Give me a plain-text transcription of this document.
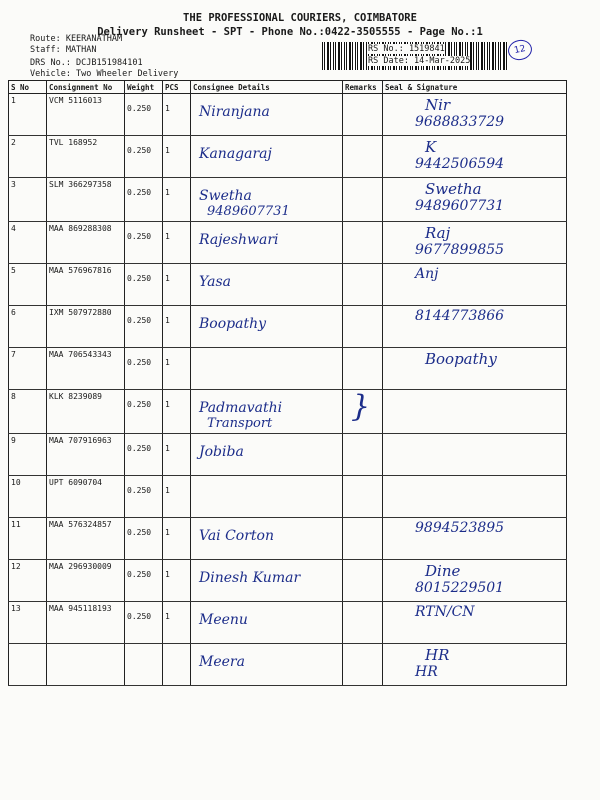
THE PROFESSIONAL COURIERS, COIMBATORE
Delivery Runsheet - SPT - Phone No.:0422-3505555 - Page No.:1
Route: KEERANATHAM
Staff: MATHAN
DRS No.: DCJB151984101
Vehicle: Two Wheeler Delivery
RS No.: 1519841
RS Date: 14-Mar-2025
12
S No	Consignment No	Weight	PCS	Consignee Details	Remarks	Seal & Signature
1	VCM 5116013	0.250	1	Niranjana		Nir
9688833729

2	TVL 168952	0.250	1	Kanagaraj		K
9442506594

3	SLM 366297358	0.250	1	Swetha
9489607731		Swetha
9489607731

4	MAA 869288308	0.250	1	Rajeshwari		Raj
9677899855

5	MAA 576967816	0.250	1	Yasa		Anj

6	IXM 507972880	0.250	1	Boopathy		8144773866

7	MAA 706543343	0.250	1			Boopathy

8	KLK 8239089	0.250	1	Padmavathi
Transport	}	

9	MAA 707916963	0.250	1	Jobiba		

10	UPT 6090704	0.250	1			

11	MAA 576324857	0.250	1	Vai Corton		9894523895

12	MAA 296930009	0.250	1	Dinesh Kumar		Dine
8015229501

13	MAA 945118193	0.250	1	Meenu		RTN/CN

				Meera		HR
HR
